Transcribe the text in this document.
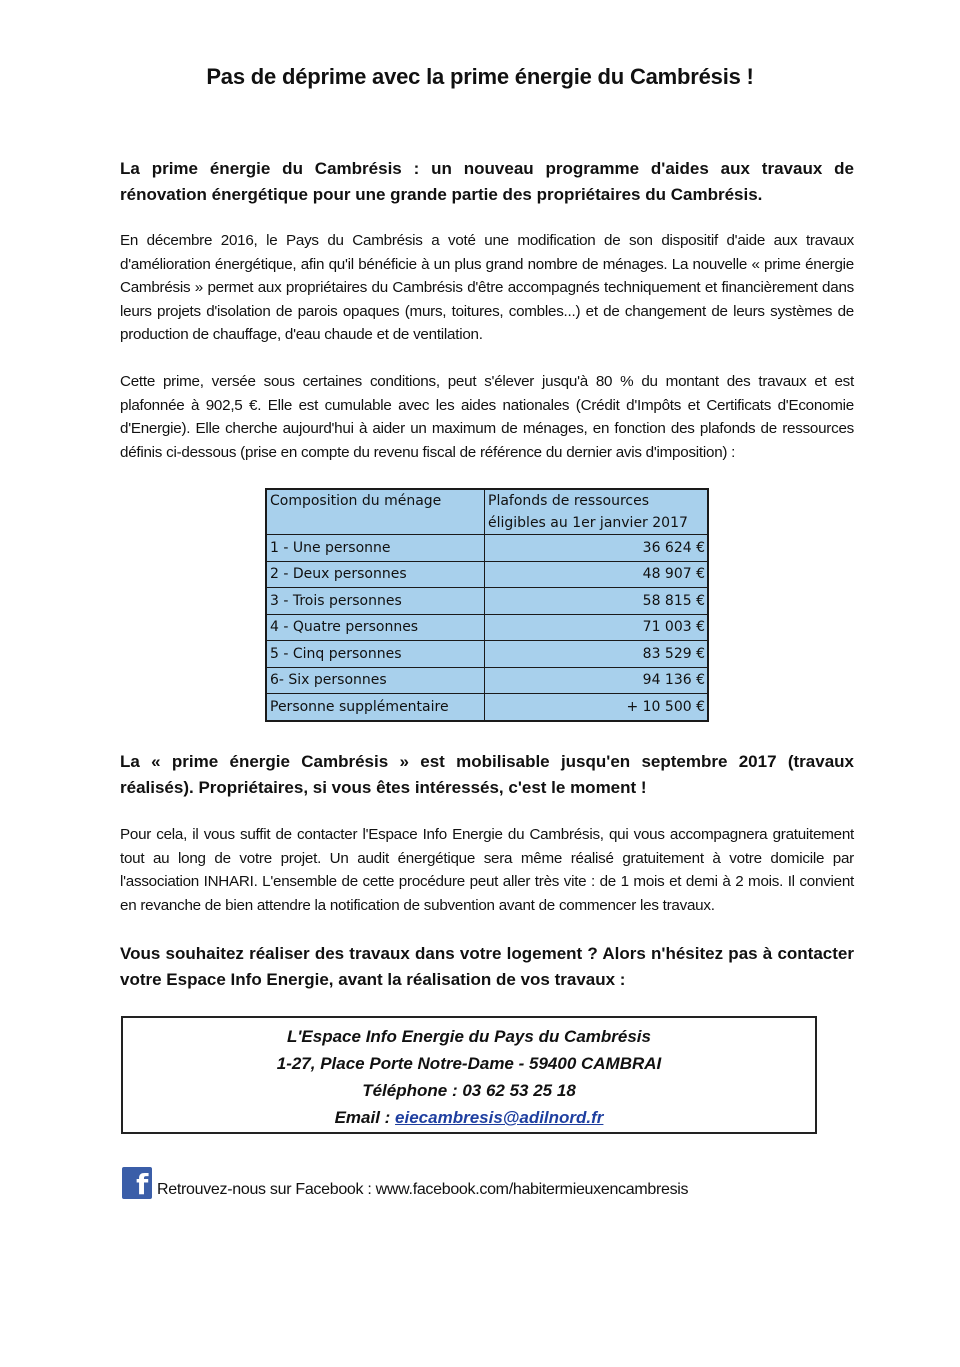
Pas de déprime avec la prime énergie du Cambrésis !
La prime énergie du Cambrésis : un nouveau programme d'aides aux travaux de rénovation énergétique pour une grande partie des propriétaires du Cambrésis.
En décembre 2016, le Pays du Cambrésis a voté une modification de son dispositif d'aide aux travaux d'amélioration énergétique, afin qu'il bénéficie à un plus grand nombre de ménages. La nouvelle « prime énergie Cambrésis » permet aux propriétaires du Cambrésis d'être accompagnés techniquement et financièrement dans leurs projets d'isolation de parois opaques (murs, toitures, combles...) et de changement de leurs systèmes de production de chauffage, d'eau chaude et de ventilation.
Cette prime, versée sous certaines conditions, peut s'élever jusqu'à 80 % du montant des travaux et est plafonnée à 902,5 €. Elle est cumulable avec les aides nationales (Crédit d'Impôts et Certificats d'Economie d'Energie). Elle cherche aujourd'hui à aider un maximum de ménages, en fonction des plafonds de ressources définis ci-dessous (prise en compte du revenu fiscal de référence du dernier avis d'imposition) :
Composition du ménage	Plafonds de ressources éligibles au 1er janvier 2017

1 - Une personne	36 624 €
2 - Deux personnes	48 907 €
3 - Trois personnes	58 815 €
4 - Quatre personnes	71 003 €
5 - Cinq personnes	83 529 €
6- Six personnes	94 136 €
Personne supplémentaire	+ 10 500 €
La « prime énergie Cambrésis » est mobilisable jusqu'en septembre 2017 (travaux réalisés). Propriétaires, si vous êtes intéressés, c'est le moment !
Pour cela, il vous suffit de contacter l'Espace Info Energie du Cambrésis, qui vous accompagnera gratuitement tout au long de votre projet. Un audit énergétique sera même réalisé gratuitement à votre domicile par l'association INHARI. L'ensemble de cette procédure peut aller très vite : de 1 mois et demi à 2 mois. Il convient en revanche de bien attendre la notification de subvention avant de commencer les travaux.
Vous souhaitez réaliser des travaux dans votre logement ? Alors n'hésitez pas à contacter votre Espace Info Energie, avant la réalisation de vos travaux :
L'Espace Info Energie du Pays du Cambrésis
1-27, Place Porte Notre-Dame - 59400 CAMBRAI
Téléphone : 03 62 53 25 18
Email : eiecambresis@adilnord.fr
f Retrouvez-nous sur Facebook : www.facebook.com/habitermieuxencambresis
